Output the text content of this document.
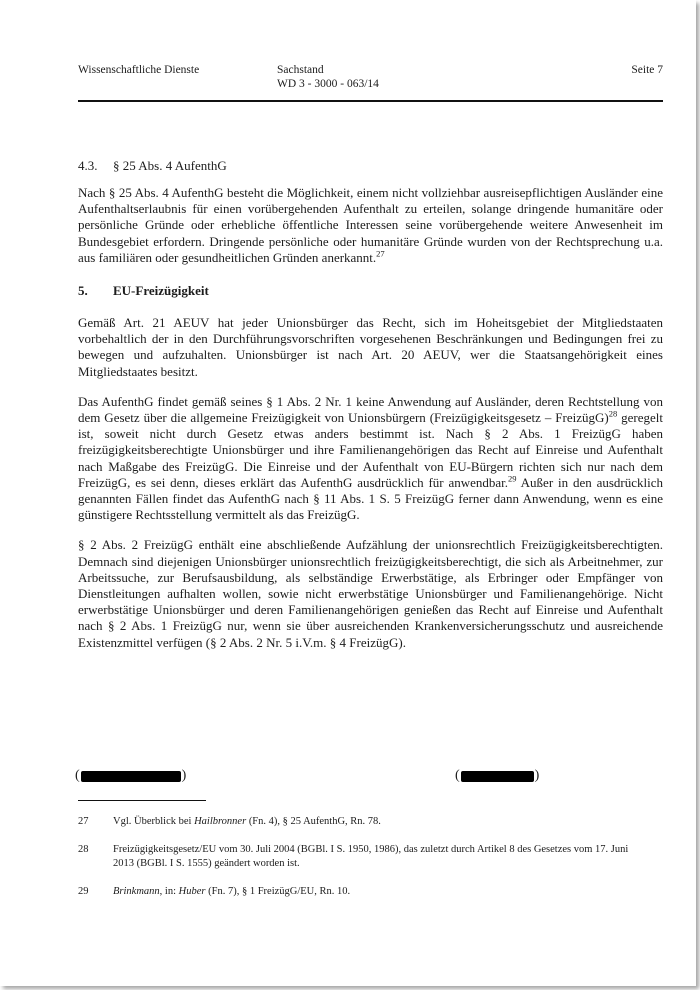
Wissenschaftliche Dienste	Sachstand
WD 3 - 3000 - 063/14
Seite 7
4.3.	§ 25 Abs. 4 AufenthG

Nach § 25 Abs. 4 AufenthG besteht die Möglichkeit, einem nicht vollziehbar ausreisepflichtigen Ausländer eine Aufenthaltserlaubnis für einen vorübergehenden Aufenthalt zu erteilen, solange dringende humanitäre oder persönliche Gründe oder erhebliche öffentliche Interessen seine vorübergehende weitere Anwesenheit im Bundesgebiet erfordern. Dringende persönliche oder humanitäre Gründe wurden von der Rechtsprechung u.a. aus familiären oder gesundheitlichen Gründen anerkannt.$^{27}$

5.	EU-Freizügigkeit

Gemäß Art. 21 AEUV hat jeder Unionsbürger das Recht, sich im Hoheitsgebiet der Mitgliedstaaten vorbehaltlich der in den Durchführungsvorschriften vorgesehenen Beschränkungen und Bedingungen frei zu bewegen und aufzuhalten. Unionsbürger ist nach Art. 20 AEUV, wer die Staatsangehörigkeit eines Mitgliedstaates besitzt.

Das AufenthG findet gemäß seines § 1 Abs. 2 Nr. 1 keine Anwendung auf Ausländer, deren Rechtstellung von dem Gesetz über die allgemeine Freizügigkeit von Unionsbürgern (Freizügigkeitsgesetz – FreizügG)$^{28}$ geregelt ist, soweit nicht durch Gesetz etwas anders bestimmt ist. Nach § 2 Abs. 1 FreizügG haben freizügigkeitsberechtigte Unionsbürger und ihre Familienangehörigen das Recht auf Einreise und Aufenthalt nach Maßgabe des FreizügG. Die Einreise und der Aufenthalt von EU-Bürgern richten sich nur nach dem FreizügG, es sei denn, dieses erklärt das AufenthG ausdrücklich für anwendbar.$^{29}$ Außer in den ausdrücklich genannten Fällen findet das AufenthG nach § 11 Abs. 1 S. 5 FreizügG ferner dann Anwendung, wenn es eine günstigere Rechtsstellung vermittelt als das FreizügG.

§ 2 Abs. 2 FreizügG enthält eine abschließende Aufzählung der unionsrechtlich Freizügigkeitsberechtigten. Demnach sind diejenigen Unionsbürger unionsrechtlich freizügigkeitsberechtigt, die sich als Arbeitnehmer, zur Arbeitssuche, zur Berufsausbildung, als selbständige Erwerbstätige, als Erbringer oder Empfänger von Dienstleitungen aufhalten wollen, sowie nicht erwerbstätige Unionsbürger und Familienangehörige. Nicht erwerbstätige Unionsbürger und deren Familienangehörigen genießen das Recht auf Einreise und Aufenthalt nach § 2 Abs. 1 FreizügG nur, wenn sie über ausreichenden Krankenversicherungsschutz und ausreichende Existenzmittel verfügen (§ 2 Abs. 2 Nr. 5 i.V.m. § 4 FreizügG).

(	)	(	)
27	Vgl. Überblick bei Hailbronner (Fn. 4), § 25 AufenthG, Rn. 78.
28	Freizügigkeitsgesetz/EU vom 30. Juli 2004 (BGBl. I S. 1950, 1986), das zuletzt durch Artikel 8 des Gesetzes vom 17. Juni 2013 (BGBl. I S. 1555) geändert worden ist.
29	Brinkmann, in: Huber (Fn. 7), § 1 FreizügG/EU, Rn. 10.
